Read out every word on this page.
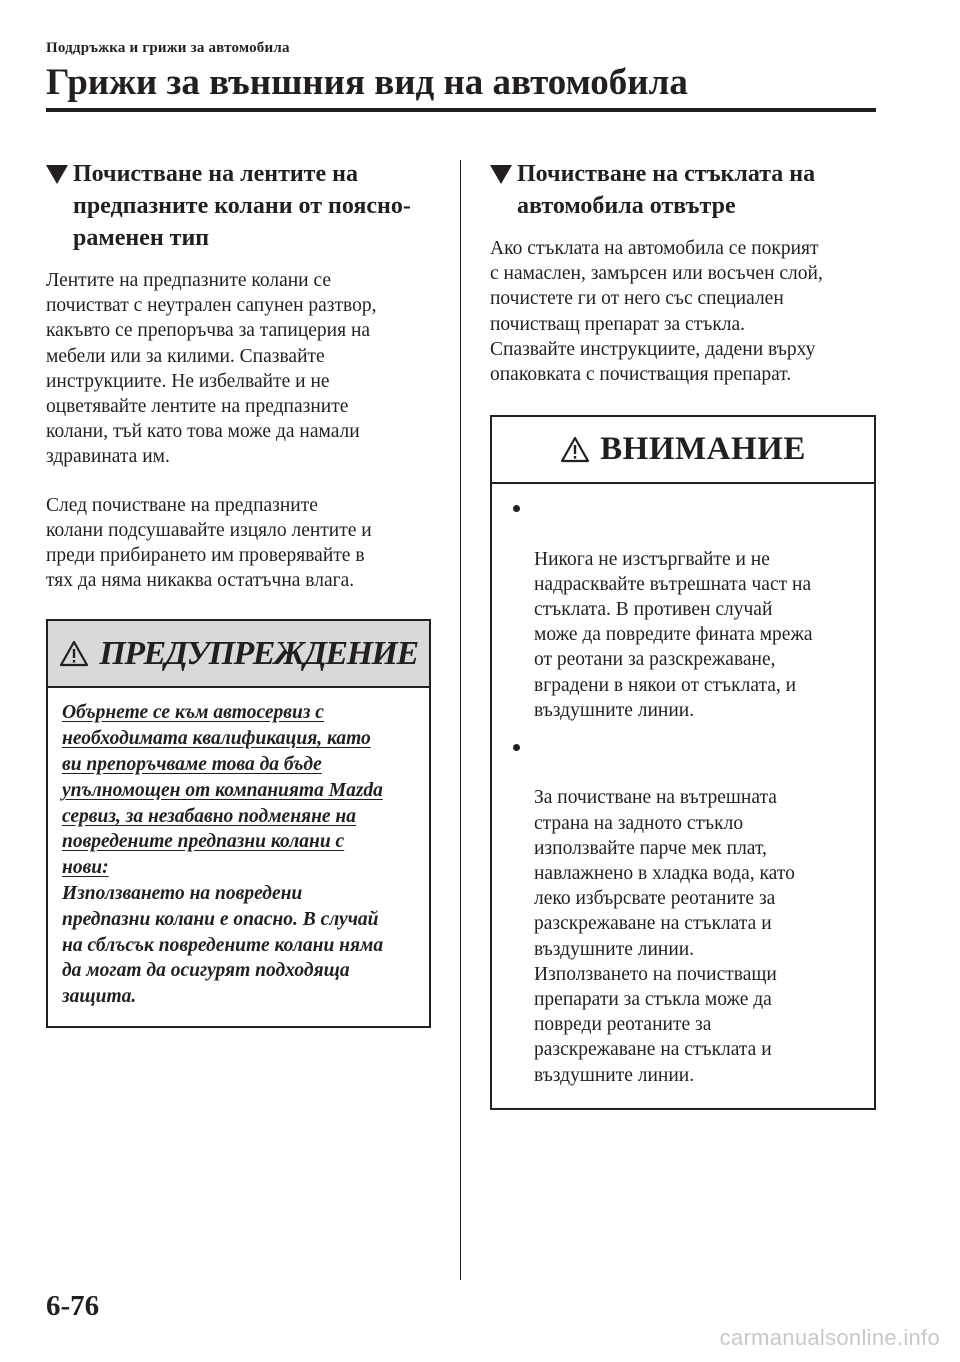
Поддръжка и грижи за автомобила
Грижи за външния вид на автомобила
Почистване на лентите на
предпазните колани от поясно-
раменен тип

Лентите на предпазните колани се
почистват с неутрален сапунен разтвор,
какъвто се препоръчва за тапицерия на
мебели или за килими. Спазвайте
инструкциите. Не избелвайте и не
оцветявайте лентите на предпазните
колани, тъй като това може да намали
здравината им.

След почистване на предпазните
колани подсушавайте изцяло лентите и
преди прибирането им проверявайте в
тях да няма никаква остатъчна влага.

ПРЕДУПРЕЖДЕНИЕ

Обърнете се към автосервиз с
необходимата квалификация, като
ви препоръчваме това да бъде
упълномощен от компанията Mazda
сервиз, за незабавно подменяне на
повредените предпазни колани с
нови:

Използването на повредени
предпазни колани е опасно. В случай
на сблъсък повредените колани няма
да могат да осигурят подходяща
защита.

Почистване на стъклата на
автомобила отвътре

Ако стъклата на автомобила се покрият
с намаслен, замърсен или восъчен слой,
почистете ги от него със специален
почистващ препарат за стъкла.
Спазвайте инструкциите, дадени върху
опаковката с почистващия препарат.

ВНИМАНИЕ

Никога не изстъргвайте и не
надрасквайте вътрешната част на
стъклата. В противен случай
може да повредите фината мрежа
от реотани за разскрежаване,
вградени в някои от стъклата, и
въздушните линии.

За почистване на вътрешната
страна на задното стъкло
използвайте парче мек плат,
навлажнено в хладка вода, като
леко избърсвате реотаните за
разскрежаване на стъклата и
въздушните линии.
Използването на почистващи
препарати за стъкла може да
повреди реотаните за
разскрежаване на стъклата и
въздушните линии.

6-76
carmanualsonline.info
